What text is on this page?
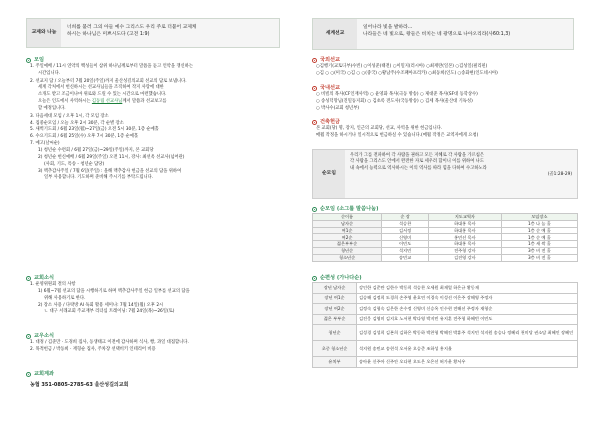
교제와 나눔
너희를 불러 그의 아들 예수 그리스도 우리 주로 더불어 교제케
하시는 하나님은 미쁘시도다 (고전 1:9)
모임
1. 주일예배 / 11시 연약의 백성들이 삼위 하나님께로부터 말씀을 듣고 언약을 갱신하는
시간입니다.
2. 선교지 담 / 오늘부터 7월 20일(주일)까지 울산성길의교회 선교의 담로 보냅니다.
세계 각처에서 헌신하시는 선교사님들을 조직하여 작지 사랑에 대한
소개도 받고 조금이나마 위로와 드릴 수 있는 시간으로 마련했습니다.
오늘은 인도에서 사역하시는 김동림 선교사님께서 말씀과 선교보고를
할 예정입니다.
3. 다음세대 모임 / 오후 1시, 각 모임 장소
4. 집중순모임 / 오늘 오후 2시 30분, 각 순별 장소
5. 새벽기도회 / 6월 23일(월)~27일(금) 오전 5시 30분, 1층 순예홀
6. 수요기도회 / 6월 25일(수) 오후 7시 30분, 1층 순예홀
7. 예고(날씨순)
1) 청년순 수련회 / 6월 27일(금)~29일(주일)까지, 본 교회당
2) 청년순 헌신예배 / 6월 29일(주일) 오전 11시, 강사: 최선옥 선교사(넘어관)
(사회, 기도, 특송 - 청년순 담당)
3) 맥추감사주일 / 7월 6일(주일) : 올해 맥추감사 헌금을 선교의 담을 위하여
일부 사용합니다. 기도하며 준비해 주시기를 부탁드립니다.
교회소식
1. 운영위원회 결의 사항
1) 6월~7월 선교의 담을 시행하기로 하며 맥추감사주일 헌금 일부를 선교의 담을
위해 사용하기로 한다.
2) 장소 사용 / 다락방 AI 독회 활용 세미나: 7월 14일(월) 오후 2시
ㄴ 대구 서래교회 주교재부 리더십 트레이닝: 7월 24일(목)~26일(토)
교우소식
1. 대정 / 김준만 · 도경희 집사, 동생태크 이전에 감사하며 식사, 빵, 과일 대접합니다.
2. 목적헌금 / 박동희 · 재형순 집사, 주차장 선택비키 인테리어 비용
교회계좌
농협 351-0805-2785-63 울산성길의교회
세계선교
일어나라 빛을 발하라...
나라들은 네 빛으로, 왕들은 비치는 네 광명으로 나아오리라(사60:1,3)
국외선교
○김행기(교토디부)수빈) ○이성준(태전) ○이밀지(러시아) ○최재란(일본) ○김성일(필리핀)
○김 ○ ○(미국) ○김 ○ ○(중국) ○황남주(수조패아프리카) ○최동희(인도) ○송화현(인도네시아)
국내선교
○ 비빌의 목사(CF인재사역) ○ 윤영화 목사(극동 방송) ○ 제대준 목사(SF대 동학상수)
○ 송성덕망님(진밀동지회) ○ 김초록 전도사(국동방송) ○ 김세 목사(울산대 기독성)
○ 박사수(교회 청년부)
건축헌금
본 교회(당) 명, 장지, 인근의 교회당, 선교, 사역을 위한 헌금입니다.
매월 작정을 하시거나 일시적으로 헌금하실 수 있습니다.(매월 작정은 교역자에게 요청)
순모임
우리가 그를 전파하여 각 사람을 권하고 모든 지혜로 각 사람을 가르침은
각 사람을 그리스도 안에서 완전한 자로 세우려 함이니 이를 위하여 나도
내 속에서 능력으로 역사하시는 이의 역사를 따라 힘을 다하여 수고하노라
(골1:28-29)
순모임 (소그룹 말씀나눔)
순이름	순 장	지도교역자	모임장소
남자순	석승찬	하대홍 목사	1층 나 눔 홀
여1순	김서정	하대홍 목사	1층 순 예 홀
여2순	신영미	홍민선 목사	1층 순 예 홀
젊은부부순	이민도	하대홍 목사	1층 새 싹 홀
청년순	석지민	전주형 강사	3층 비 전 홀
청소년순	송민교	김진영 강사	3층 비 전 홀
순편성 (가나다순)
장년 남자순	강인한 김준만 김한수 박동희 석승찬 오세원 최재열 하은규 황동재
장년 여1순	김승해 김정희 도경희 손주영 윤호연 이경숙 이성선 이은주 장해영 주정자
장년 여2순	김정숙 김형숙 김은한 손수정 신영미 신승옥 인수현 전해선 주정자 재형순
젊은 부부순	김진웅 김영미 김지호 노서현 박다영 박지민 유지훈 전주형 하혜빈 이민도
청년순	김성경 김성희 김본희 김하은 박동하 박찬형 박해진 박휴주 석지민 석지원 송승나 정혜리 천미당 권소담 최혜인 장혜인
초중 청소년순	석지원 송민교 송현석 오서윤 오승준 조하성 홍지율
유치부	송아윤 신주아 신주안 오다현 오도은 오은선 허가윤 황서우
